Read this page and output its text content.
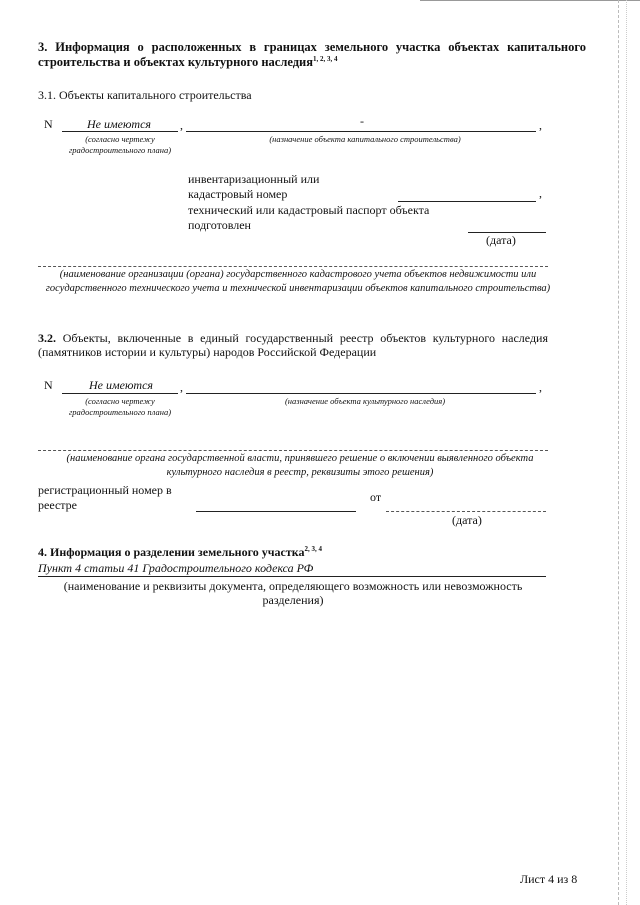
3. Информация о расположенных в границах земельного участка объектах капитального строительства и объектах культурного наследия$^{1, 2, 3, 4}$
3.1. Объекты капитального строительства
N	Не имеются	,	-	,
(согласно чертежу градостроительного плана)
(назначение объекта капитального строительства)
инвентаризационный или
кадастровый номер	,
технический или кадастровый паспорт объекта
подготовлен
(дата)
(наименование организации (органа) государственного кадастрового учета объектов недвижимости или государственного технического учета и технической инвентаризации объектов капитального строительства)
3.2. Объекты, включенные в единый государственный реестр объектов культурного наследия (памятников истории и культуры) народов Российской Федерации
N	Не имеются	,	,
(согласно чертежу градостроительного плана)
(назначение объекта культурного наследия)
(наименование органа государственной власти, принявшего решение о включении выявленного объекта культурного наследия в реестр, реквизиты этого решения)
регистрационный номер в
реестре
от
(дата)
4. Информация о разделении земельного участка$^{2, 3, 4}$
Пункт 4 статьи 41 Градостроительного кодекса РФ
(наименование и реквизиты документа, определяющего возможность или невозможность разделения)
Лист 4 из 8
